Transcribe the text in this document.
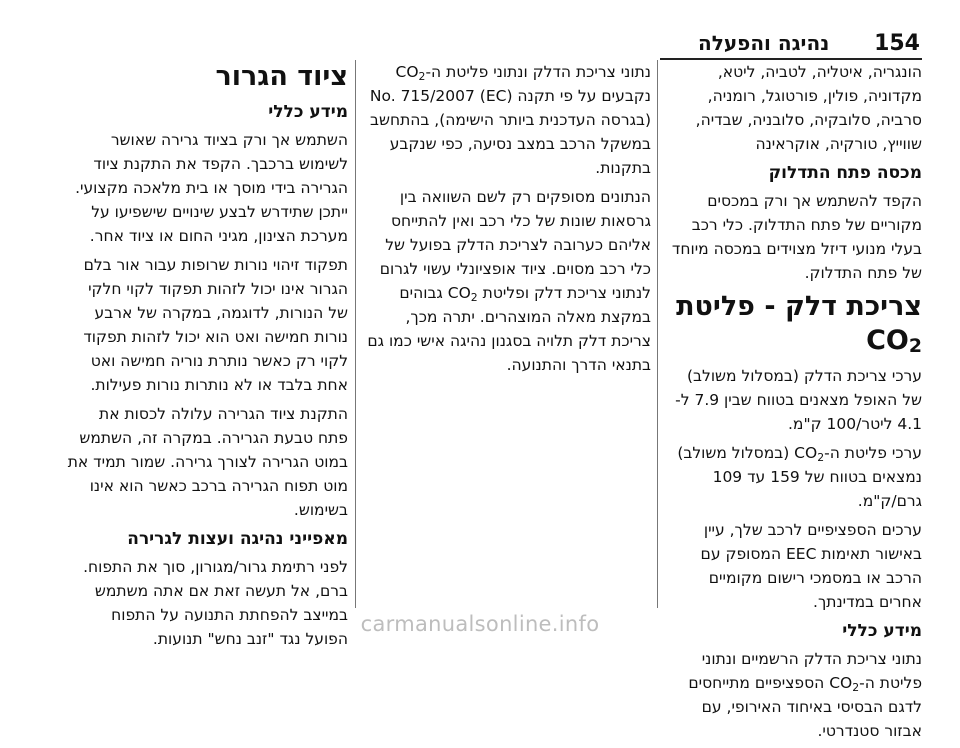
154
נהיגה והפעלה

הונגריה, איטליה, לטביה, ליטא, מקדוניה, פולין, פורטוגל, רומניה, סרביה, סלובקיה, סלובניה, שבדיה, שווייץ, טורקיה, אוקראינה

מכסה פתח התדלוק

הקפד להשתמש אך ורק במכסים מקוריים של פתח התדלוק. כלי רכב בעלי מנועי דיזל מצוידים במכסה מיוחד של פתח התדלוק.

צריכת דלק - פליטת $CO_2$

ערכי צריכת הדלק (במסלול משולב) של האופל מצאנים בטווח שבין 7.9 ל- 4.1 ליטר/100 ק"מ.

ערכי פליטת $ה-CO_2$ (במסלול משולב) נמצאים בטווח של 159 עד 109 גרם/ק"מ.

ערכים הספציפיים לרכב שלך, עיין באישור תאימות EEC המסופק עם הרכב או במסמכי רישום מקומיים אחרים במדינתך.

מידע כללי

נתוני צריכת הדלק הרשמיים ונתוני פליטת $ה-CO_2$ הספציפיים מתייחסים לדגם הבסיסי באיחוד האירופי, עם אבזור סטנדרטי.

נתוני צריכת הדלק ונתוני פליטת $ה-CO_2$ נקבעים על פי תקנה (EC) No. 715/2007 (בגרסה העדכנית ביותר הישימה), בהתחשב במשקל הרכב במצב נסיעה, כפי שנקבע בתקנות.

הנתונים מסופקים רק לשם השוואה בין גרסאות שונות של כלי רכב ואין להתייחס אליהם כערובה לצריכת הדלק בפועל של כלי רכב מסוים. ציוד אופציונלי עשוי לגרום לנתוני צריכת דלק ופליטת $CO_2$ גבוהים במקצת מאלה המוצהרים. יתרה מכך, צריכת דלק תלויה בסגנון נהיגה אישי כמו גם בתנאי הדרך והתנועה.

ציוד הגרור
מידע כללי

השתמש אך ורק בציוד גרירה שאושר לשימוש ברכבך. הקפד את התקנת ציוד הגרירה בידי מוסך או בית מלאכה מקצועי. ייתכן שתידרש לבצע שינויים שישפיעו על מערכת הצינון, מגיני החום או ציוד אחר.

תפקוד זיהוי נורות שרופות עבור אור בלם הגרור אינו יכול לזהות תפקוד לקוי חלקי של הנורות, לדוגמה, במקרה של ארבע נורות חמישה ואט הוא יכול לזהות תפקוד לקוי רק כאשר נותרת נוריה חמישה ואט אחת בלבד או לא נותרות נורות פעילות.

התקנת ציוד הגרירה עלולה לכסות את פתח טבעת הגרירה. במקרה זה, השתמש במוט הגרירה לצורך גרירה. שמור תמיד את מוט תפוח הגרירה ברכב כאשר הוא אינו בשימוש.

מאפייני נהיגה ועצות לגרירה

לפני רתימת גרור/מגורון, סוך את התפוח. ברם, אל תעשה זאת אם אתה משתמש במייצב להפחתת התנועה על התפוח הפועל נגד "זנב נחש" תנועות.

carmanualsonline.info
